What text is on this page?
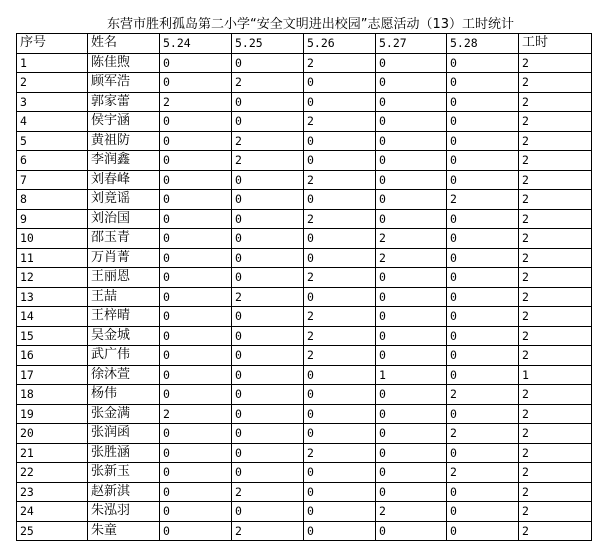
东营市胜利孤岛第二小学“安全文明进出校园”志愿活动（13）工时统计
序号	姓名	5.24	5.25	5.26	5.27	5.28	工时
1	陈佳煦	0	0	2	0	0	2
2	顾军浩	0	2	0	0	0	2
3	郭家蕾	2	0	0	0	0	2
4	侯宇涵	0	0	2	0	0	2
5	黄祖防	0	2	0	0	0	2
6	李润鑫	0	2	0	0	0	2
7	刘春峰	0	0	2	0	0	2
8	刘竟谣	0	0	0	0	2	2
9	刘治国	0	0	2	0	0	2
10	邵玉青	0	0	0	2	0	2
11	万肖菁	0	0	0	2	0	2
12	王丽恩	0	0	2	0	0	2
13	王喆	0	2	0	0	0	2
14	王梓晴	0	0	2	0	0	2
15	吴金城	0	0	2	0	0	2
16	武广伟	0	0	2	0	0	2
17	徐沐萱	0	0	0	1	0	1
18	杨伟	0	0	0	0	2	2
19	张金满	2	0	0	0	0	2
20	张润函	0	0	0	0	2	2
21	张胜涵	0	0	2	0	0	2
22	张新玉	0	0	0	0	2	2
23	赵新淇	0	2	0	0	0	2
24	朱泓羽	0	0	0	2	0	2
25	朱童	0	2	0	0	0	2
